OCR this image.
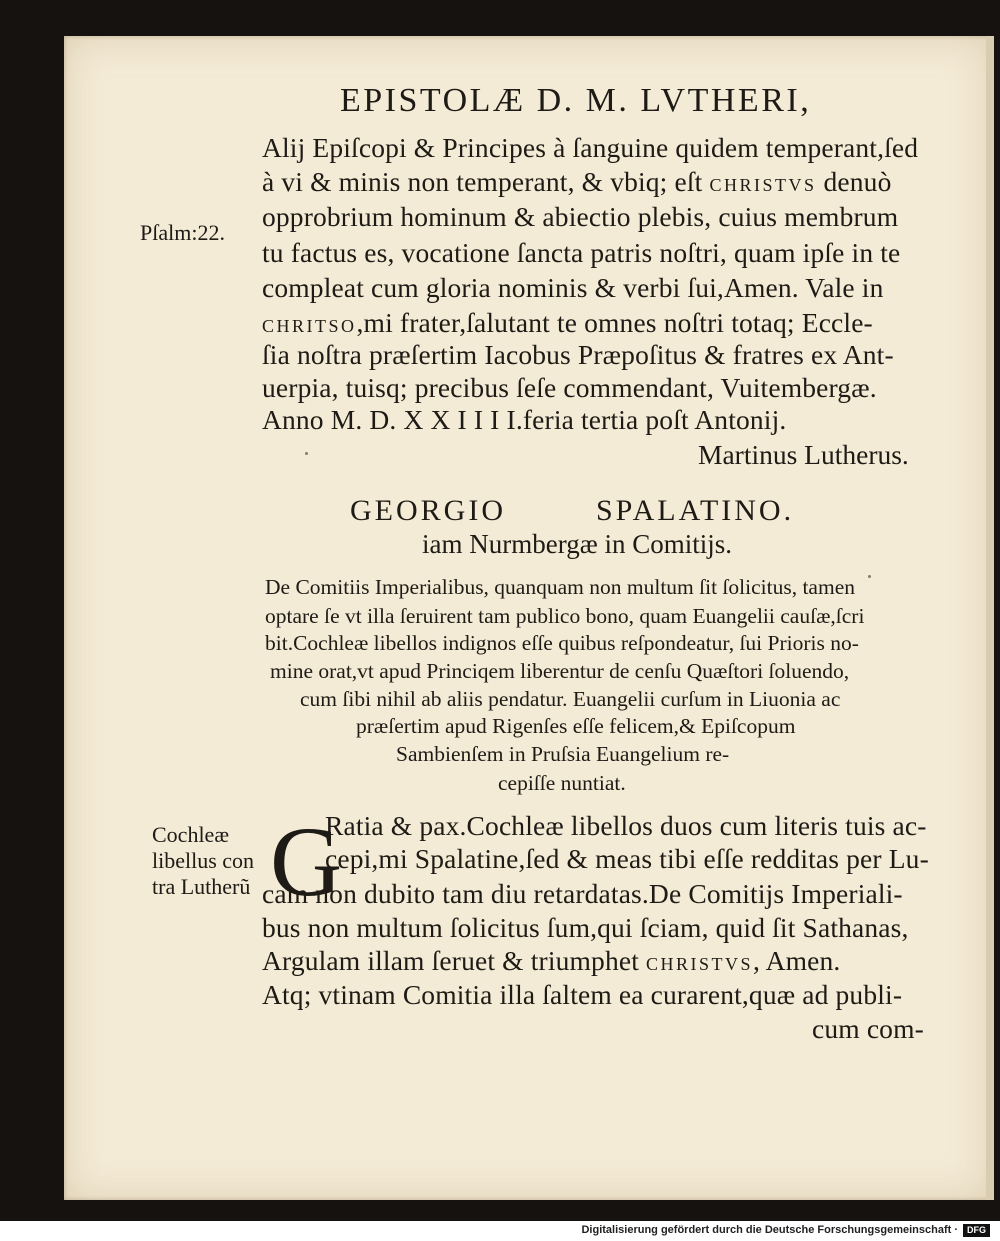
EPISTOLÆ D. M. LVTHERI,
Pſalm:22.
Alij Epiſcopi & Principes à ſanguine quidem temperant,ſed
à vi & minis non temperant, & vbiq; eſt CHRISTVS denuò
opprobrium hominum & abiectio plebis, cuius membrum
tu factus es, vocatione ſancta patris noſtri, quam ipſe in te
compleat cum gloria nominis & verbi ſui,Amen. Vale in
CHRITSO,mi frater,ſalutant te omnes noſtri totaq; Eccle-
ſia noſtra præſertim Iacobus Præpoſitus & fratres ex Ant-
uerpia, tuisq; precibus ſeſe commendant, Vuitembergæ.
Anno M. D. X X I I I I.feria tertia poſt Antonij.
Martinus Lutherus.
GEORGIO	SPALATINO.
iam Nurmbergæ in Comitijs.
De Comitiis Imperialibus, quanquam non multum ſit ſolicitus, tamen
optare ſe vt illa ſeruirent tam publico bono, quam Euangelii cauſæ,ſcri
bit.Cochleæ libellos indignos eſſe quibus reſpondeatur, ſui Prioris no-
mine orat,vt apud Princiqem liberentur de cenſu Quæſtori ſoluendo,
cum ſibi nihil ab aliis pendatur. Euangelii curſum in Liuonia ac
præſertim apud Rigenſes eſſe felicem,& Epiſcopum
Sambienſem in Pruſsia Euangelium re-
cepiſſe nuntiat.
Cochleæ
libellus con
tra Lutherũ G
Ratia & pax.Cochleæ libellos duos cum literis tuis ac-
cepi,mi Spalatine,ſed & meas tibi eſſe redditas per Lu-
cam non dubito tam diu retardatas.De Comitijs Imperiali-
bus non multum ſolicitus ſum,qui ſciam, quid ſit Sathanas,
Argulam illam ſeruet & triumphet CHRISTVS, Amen.
Atq; vtinam Comitia illa ſaltem ea curarent,quæ ad publi-
cum com-
Digitalisierung gefördert durch die Deutsche Forschungsgemeinschaft ·	DFG
